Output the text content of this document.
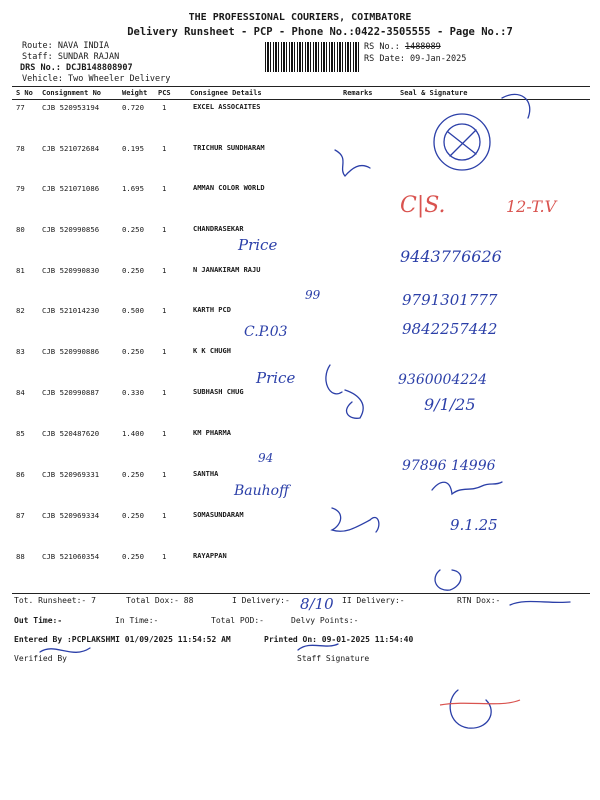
THE PROFESSIONAL COURIERS, COIMBATORE
Delivery Runsheet - PCP - Phone No.:0422-3505555 - Page No.:7
Route: NAVA INDIA
Staff: SUNDAR RAJAN
DRS No.: DCJB148808907
Vehicle: Two Wheeler Delivery
RS No.: 1488089
RS Date: 09-Jan-2025
S No Consignment No	Weight PCS	Consignee Details	Remarks	Seal & Signature
77 CJB 520953194	0.720 1	EXCEL ASSOCAITES
78 CJB 521072684	0.195 1	TRICHUR SUNDHARAM
79 CJB 521071086	1.695 1	AMMAN COLOR WORLD
80 CJB 520990856	0.250 1	CHANDRASEKAR
81 CJB 520990830	0.250 1	N JANAKIRAM RAJU
82 CJB 521014230	0.500 1	KARTH PCD
83 CJB 520990886	0.250 1	K K CHUGH
84 CJB 520990887	0.330 1	SUBHASH CHUG
85 CJB 520487620	1.400 1	KM PHARMA
86 CJB 520969331	0.250 1	SANTHA
87 CJB 520969334	0.250 1	SOMASUNDARAM
88 CJB 521060354	0.250 1	RAYAPPAN
Tot. Runsheet:- 7	Total Dox:- 88	I Delivery:-	II Delivery:-	RTN Dox:-
Out Time:-	In Time:-	Total POD:-	Delvy Points:-
Entered By :PCPLAKSHMI 01/09/2025 11:54:52 AM	Printed On: 09-01-2025 11:54:40
Verified By	Staff Signature
Price
9443776626
99	9791301777
C.P.03	9842257442
Price	9360004224
9/1/25
94
Bauhoff
97896 14996
9.1.25
8/10
C|S.	12-T.V
